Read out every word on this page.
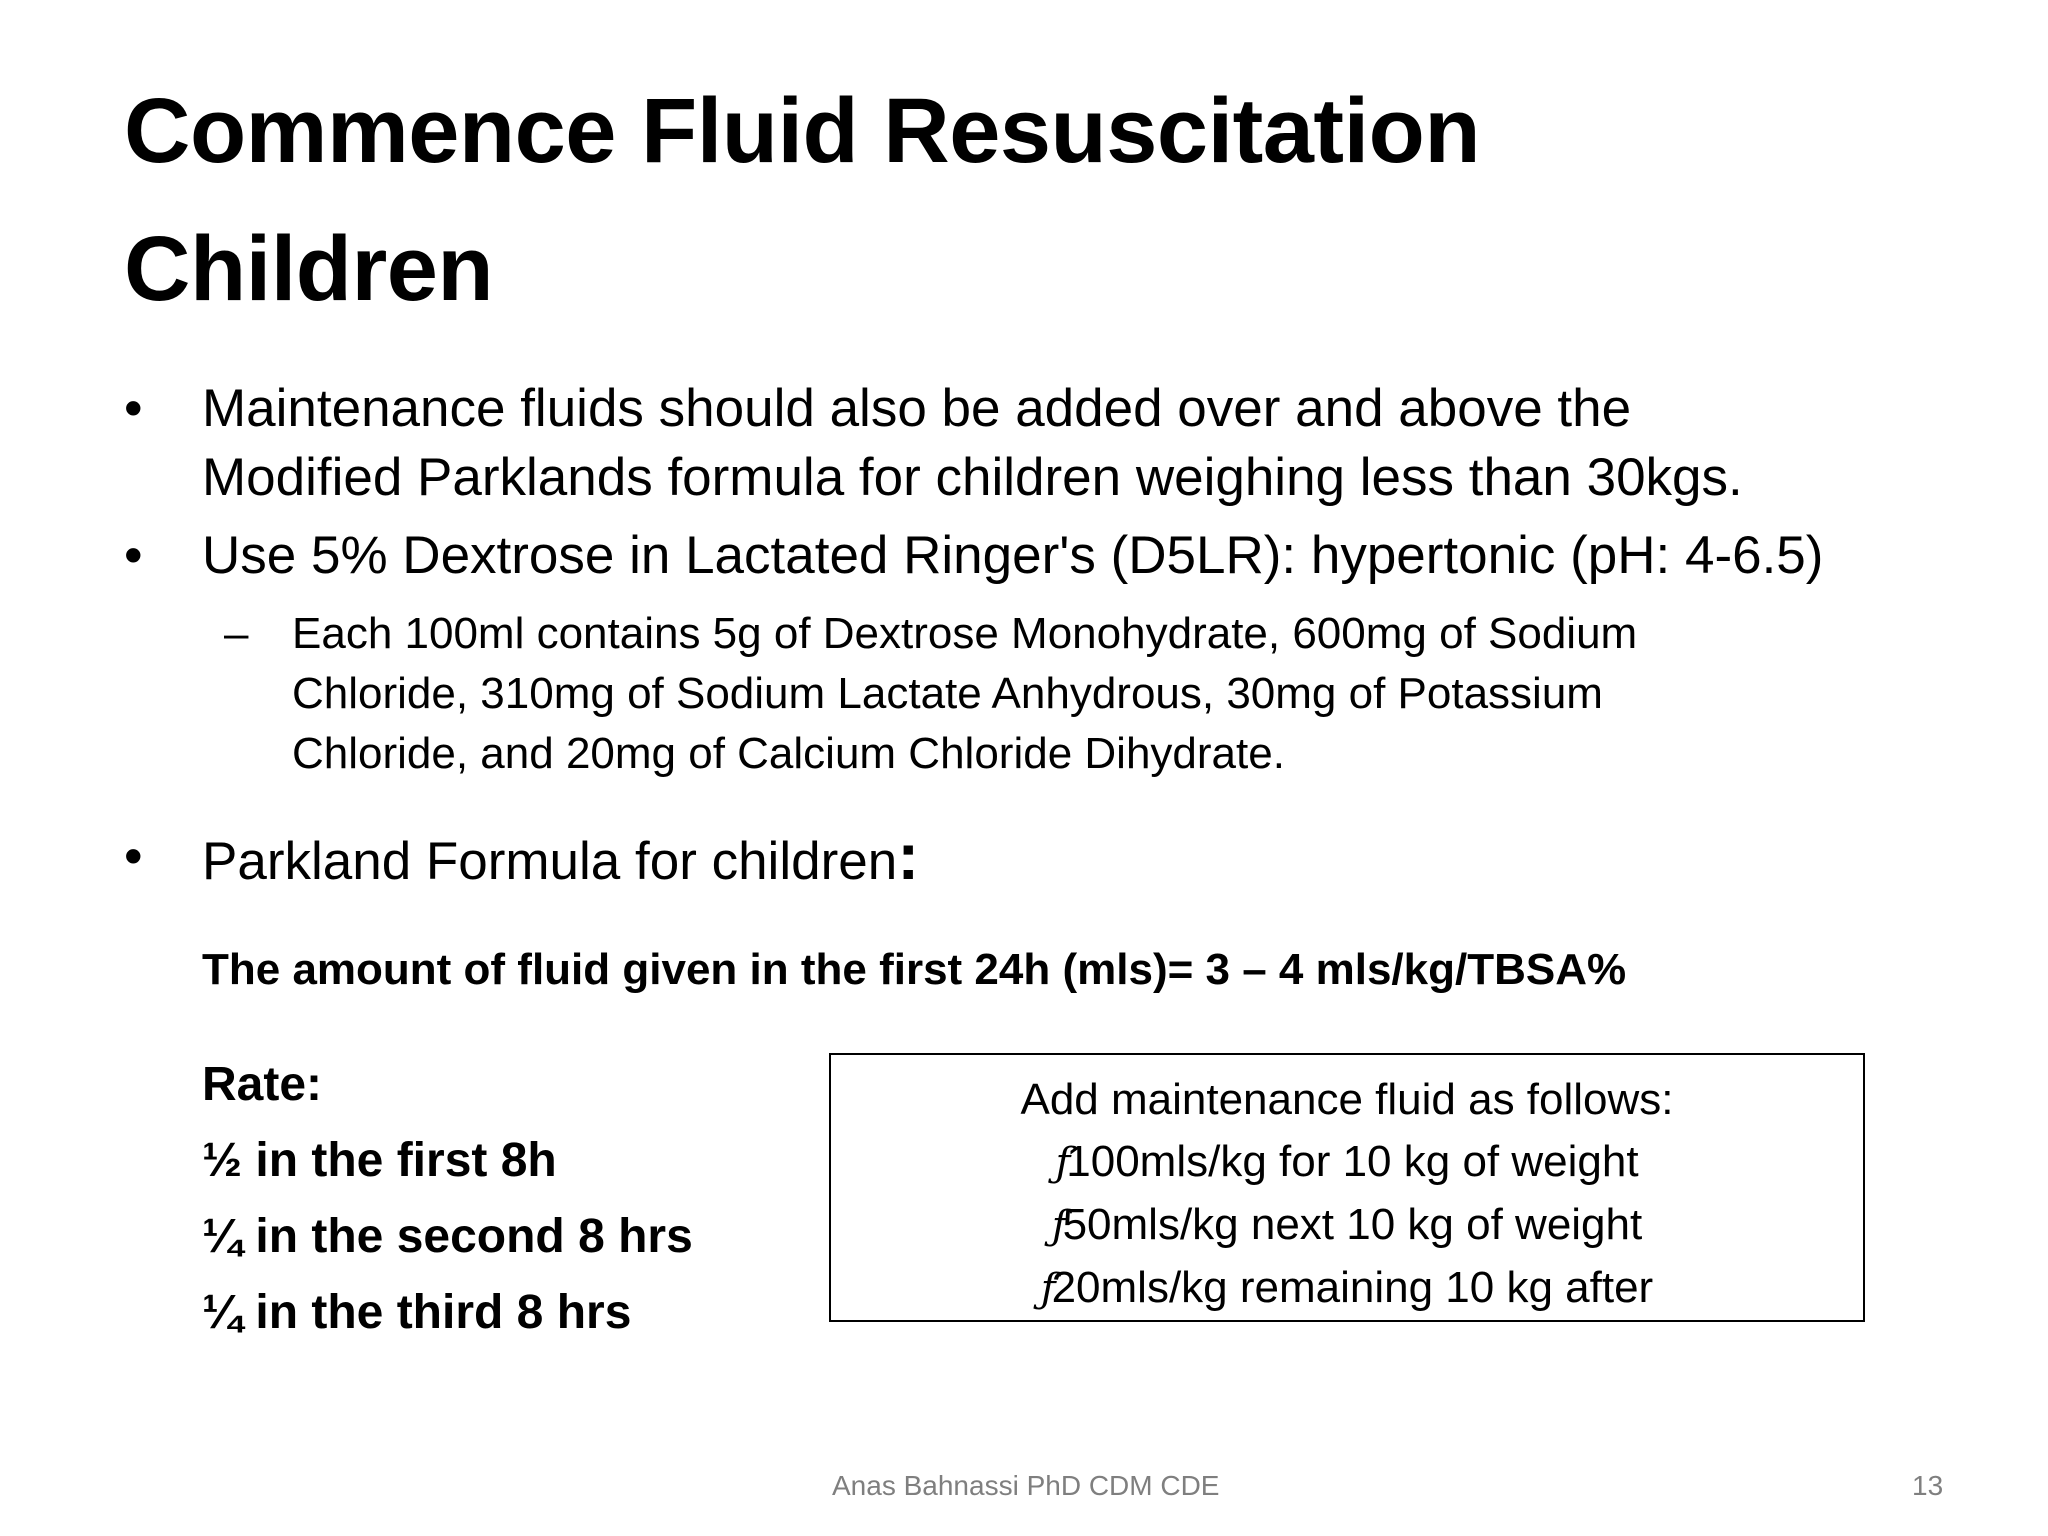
Commence Fluid Resuscitation
Children
•	Maintenance fluids should also be added over and above the
Modified Parklands formula for children weighing less than 30kgs.
•	Use 5% Dextrose in Lactated Ringer's (D5LR): hypertonic (pH: 4-6.5)
– Each 100ml contains 5g of Dextrose Monohydrate, 600mg of Sodium
Chloride, 310mg of Sodium Lactate Anhydrous, 30mg of Potassium
Chloride, and 20mg of Calcium Chloride Dihydrate.
•	Parkland Formula for children:
The amount of fluid given in the first 24h (mls)= 3 – 4 mls/kg/TBSA%
Rate:
½ in the first 8h
¼ in the second 8 hrs
¼ in the third 8 hrs
Add maintenance fluid as follows:
ƒ100mls/kg for 10 kg of weight
ƒ50mls/kg next 10 kg of weight
ƒ20mls/kg remaining 10 kg after
Anas Bahnassi PhD CDM CDE	13
